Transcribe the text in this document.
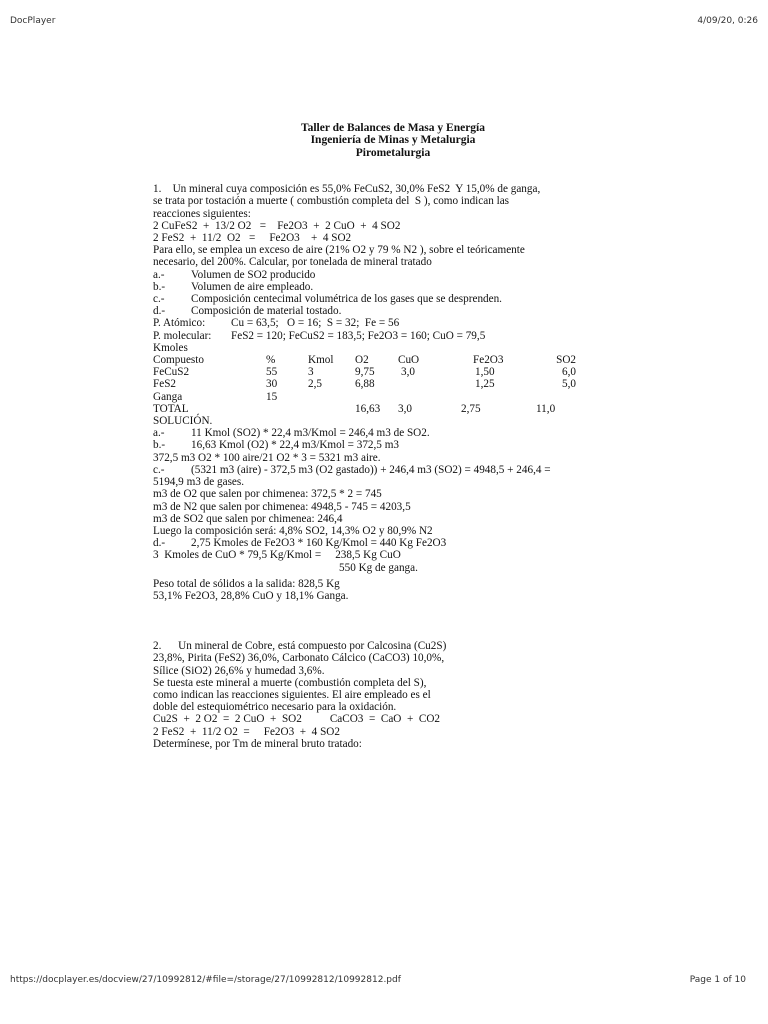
DocPlayer	4/09/20, 0:26
Taller de Balances de Masa y Energía
Ingeniería de Minas y Metalurgia
Pirometalurgia
1.    Un mineral cuya composición es 55,0% FeCuS2, 30,0% FeS2  Y 15,0% de ganga,
se trata por tostación a muerte ( combustión completa del  S ), como indican las
reacciones siguientes:
2 CuFeS2  +  13/2 O2   =    Fe2O3  +  2 CuO  +  4 SO2
2 FeS2  +  11/2  O2   =     Fe2O3    +  4 SO2
Para ello, se emplea un exceso de aire (21% O2 y 79 % N2 ), sobre el teóricamente
necesario, del 200%. Calcular, por tonelada de mineral tratado
a.- Volumen de SO2 producido
b.- Volumen de aire empleado.
c.- Composición centecimal volumétrica de los gases que se desprenden.
d.- Composición de material tostado.
P. Atómico: Cu = 63,5;   O = 16;  S = 32;  Fe = 56
P. molecular: FeS2 = 120; FeCuS2 = 183,5; Fe2O3 = 160; CuO = 79,5
Kmoles
Compuesto	%	Kmol	O2	CuO	Fe2O3	SO2
FeCuS2	55	3	9,75	3,0	1,50	6,0
FeS2	30	2,5	6,88		1,25	5,0
Ganga	15					
TOTAL			16,63	3,0	2,75	11,0
SOLUCIÓN.
a.- 11 Kmol (SO2) * 22,4 m3/Kmol = 246,4 m3 de SO2.
b.- 16,63 Kmol (O2) * 22,4 m3/Kmol = 372,5 m3
372,5 m3 O2 * 100 aire/21 O2 * 3 = 5321 m3 aire.
c.- (5321 m3 (aire) - 372,5 m3 (O2 gastado)) + 246,4 m3 (SO2) = 4948,5 + 246,4 =
5194,9 m3 de gases.
m3 de O2 que salen por chimenea: 372,5 * 2 = 745
m3 de N2 que salen por chimenea: 4948,5 - 745 = 4203,5
m3 de SO2 que salen por chimenea: 246,4
Luego la composición será: 4,8% SO2, 14,3% O2 y 80,9% N2
d.- 2,75 Kmoles de Fe2O3 * 160 Kg/Kmol = 440 Kg Fe2O3
3  Kmoles de CuO * 79,5 Kg/Kmol =     238,5 Kg CuO
550 Kg de ganga.
Peso total de sólidos a la salida: 828,5 Kg
53,1% Fe2O3, 28,8% CuO y 18,1% Ganga.
2.      Un mineral de Cobre, está compuesto por Calcosina (Cu2S)
23,8%, Pirita (FeS2) 36,0%, Carbonato Cálcico (CaCO3) 10,0%,
Sílice (SiO2) 26,6% y humedad 3,6%.
Se tuesta este mineral a muerte (combustión completa del S),
como indican las reacciones siguientes. El aire empleado es el
doble del estequiométrico necesario para la oxidación.
Cu2S  +  2 O2  =  2 CuO  +  SO2          CaCO3  =  CaO  +  CO2
2 FeS2  +  11/2 O2  =     Fe2O3  +  4 SO2
Determínese, por Tm de mineral bruto tratado:
https://docplayer.es/docview/27/10992812/#file=/storage/27/10992812/10992812.pdf	Page 1 of 10
